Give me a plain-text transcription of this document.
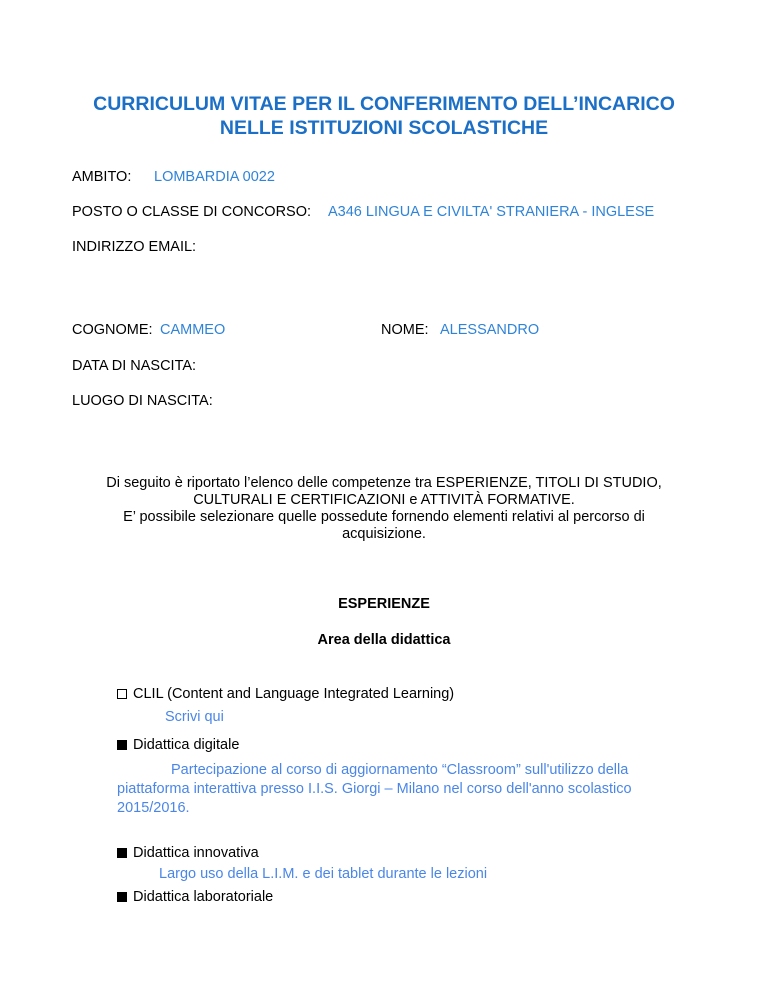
CURRICULUM VITAE PER IL CONFERIMENTO DELL’INCARICO
NELLE ISTITUZIONI SCOLASTICHE
AMBITO: LOMBARDIA 0022
POSTO O CLASSE DI CONCORSO: A346 LINGUA E CIVILTA' STRANIERA - INGLESE
INDIRIZZO EMAIL:
COGNOME: CAMMEO	NOME: ALESSANDRO
DATA DI NASCITA:
LUOGO DI NASCITA:
Di seguito è riportato l’elenco delle competenze tra ESPERIENZE, TITOLI DI STUDIO,
CULTURALI E CERTIFICAZIONI e ATTIVITÀ FORMATIVE.
E’ possibile selezionare quelle possedute fornendo elementi relativi al percorso di
acquisizione.
ESPERIENZE
Area della didattica
CLIL (Content and Language Integrated Learning)
Scrivi qui
Didattica digitale
Partecipazione al corso di aggiornamento “Classroom” sull'utilizzo della
piattaforma interattiva presso I.I.S. Giorgi – Milano nel corso dell'anno scolastico
2015/2016.
Didattica innovativa
Largo uso della L.I.M. e dei tablet durante le lezioni
Didattica laboratoriale
